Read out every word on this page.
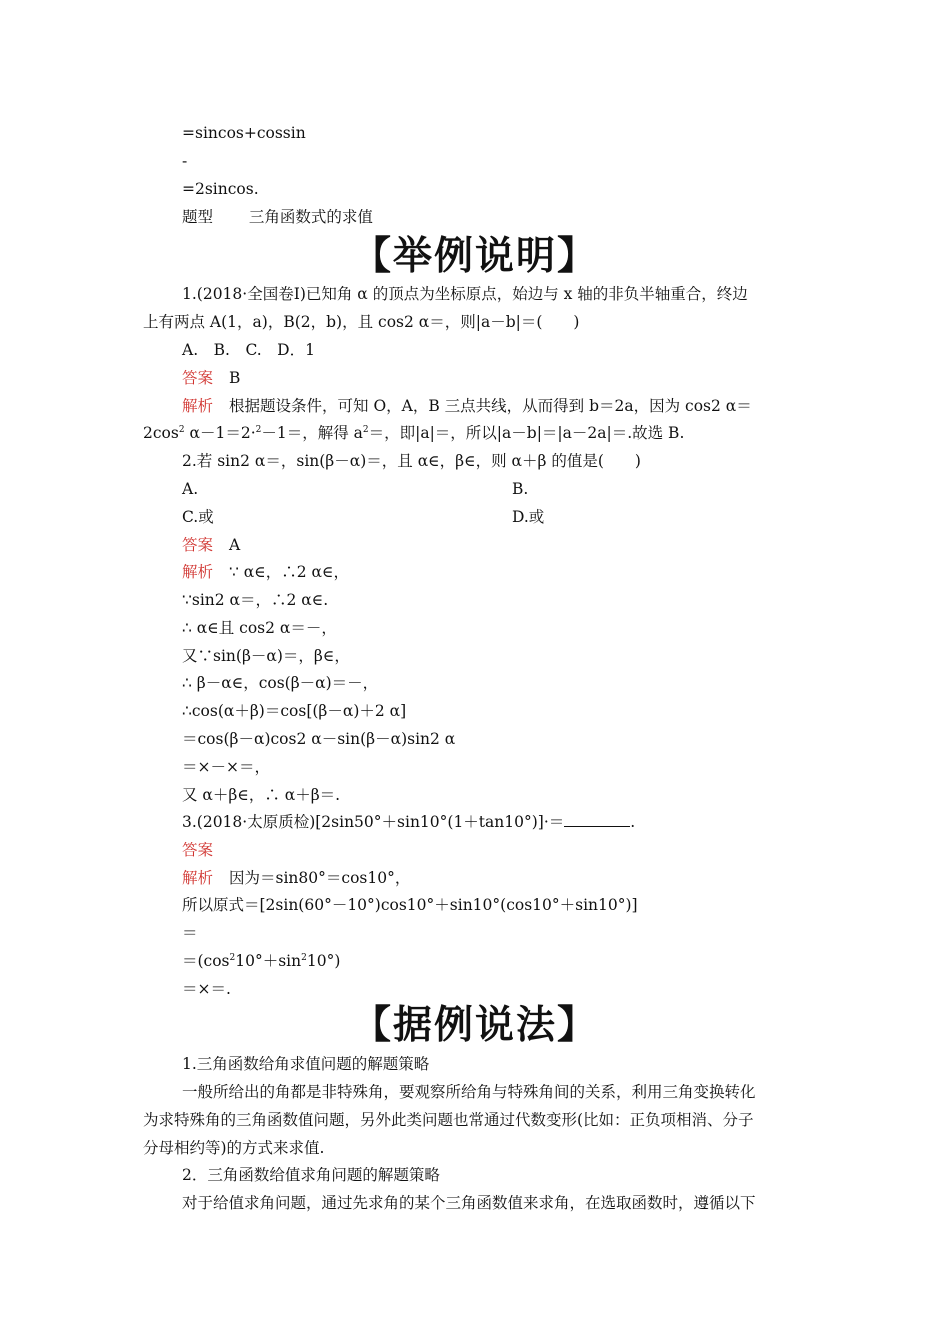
=sincos+cossin
-
=2sincos.
题型 三角函数式的求值
【举例说明】
1.(2018·全国卷Ⅰ)已知角 α 的顶点为坐标原点，始边与 x 轴的非负半轴重合，终边
上有两点 A(1，a)，B(2，b)，且 cos2 α＝，则|a－b|＝(　　)
A.　B.　C.　D．1
答案 B
解析 根据题设条件，可知 O，A，B 三点共线，从而得到 b＝2a，因为 cos2 α＝
$2\cos^2$ α－1＝2·$^2$－1＝，解得 $a^2=$，即|a|＝，所以|a－b|＝|a－2a|＝.故选 B.
2.若 sin2 α＝，sin(β－α)＝，且 α∈，β∈，则 α＋β 的值是(　　)
A.	B.
C.或	D.或
答案 A
解析 ∵ α∈，∴2 α∈，
∵sin2 α＝，∴2 α∈.
∴ α∈且 cos2 α＝－，
又∵sin(β－α)＝，β∈，
∴ β－α∈，cos(β－α)＝－，
∴cos(α＋β)＝cos[(β－α)＋2 α]
＝cos(β－α)cos2 α－sin(β－α)sin2 α
＝×－×＝，
又 α＋β∈，∴ α＋β＝.
3.(2018·太原质检)[2sin50°＋sin10°(1＋tan10°)]·＝	.
答案
解析 因为＝sin80°＝cos10°，
所以原式＝[2sin(60°－10°)cos10°＋sin10°(cos10°＋sin10°)]
＝
$=(\cos^210^\circ+\sin^210^\circ)$
＝×＝.
【据例说法】
1.三角函数给角求值问题的解题策略
一般所给出的角都是非特殊角，要观察所给角与特殊角间的关系，利用三角变换转化
为求特殊角的三角函数值问题，另外此类问题也常通过代数变形(比如：正负项相消、分子
分母相约等)的方式来求值.
2．三角函数给值求角问题的解题策略
对于给值求角问题，通过先求角的某个三角函数值来求角，在选取函数时，遵循以下
